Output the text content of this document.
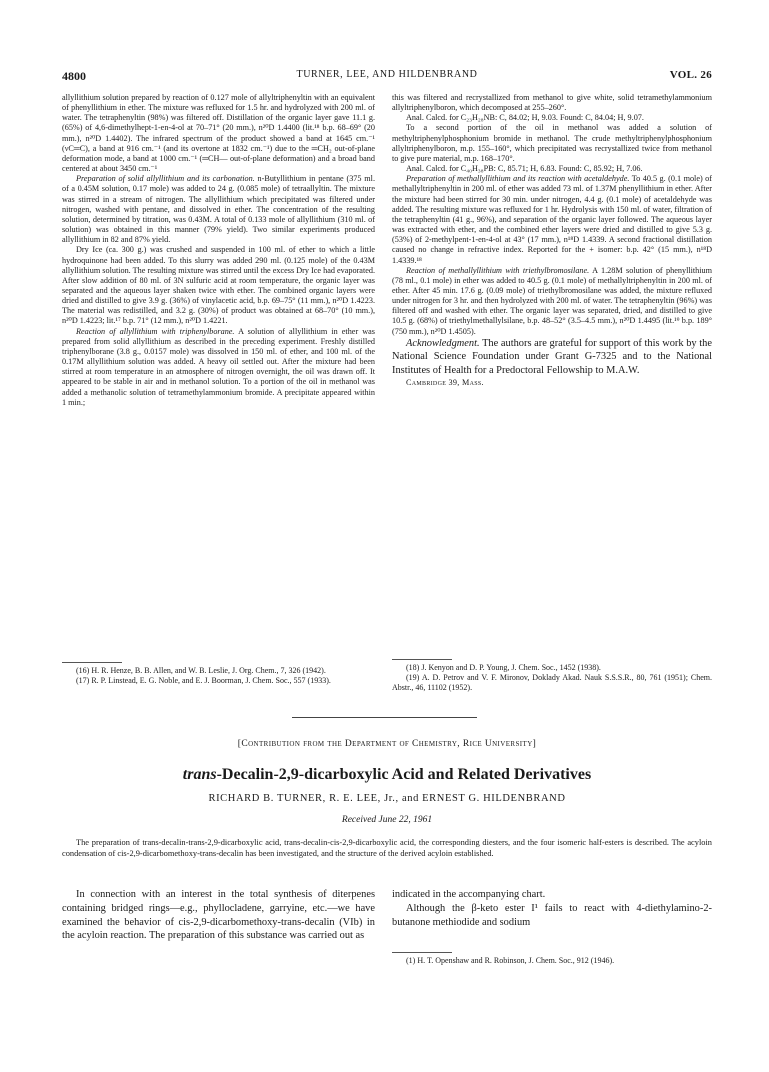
4800	TURNER, LEE, AND HILDENBRAND	VOL. 26

allyllithium solution prepared by reaction of 0.127 mole of allyltriphenyltin with an equivalent of phenyllithium in ether. The mixture was refluxed for 1.5 hr. and hydrolyzed with 200 ml. of water. The tetraphenyltin (98%) was filtered off. Distillation of the organic layer gave 11.1 g. (65%) of 4,6-dimethylhept-1-en-4-ol at 70–71° (20 mm.), n²⁰D 1.4400 (lit.¹⁸ b.p. 68–69° (20 mm.), n²⁰D 1.4402). The infrared spectrum of the product showed a band at 1645 cm.⁻¹ (νC═C), a band at 916 cm.⁻¹ (and its overtone at 1832 cm.⁻¹) due to the ═CH₂ out-of-plane deformation mode, a band at 1000 cm.⁻¹ (═CH— out-of-plane deformation) and a broad band centered at about 3450 cm.⁻¹

Preparation of solid allyllithium and its carbonation. n-Butyllithium in pentane (375 ml. of a 0.45M solution, 0.17 mole) was added to 24 g. (0.085 mole) of tetraallyltin. The mixture was stirred in a stream of nitrogen. The allyllithium which precipitated was filtered under nitrogen, washed with pentane, and dissolved in ether. The concentration of the resulting solution, determined by titration, was 0.43M. A total of 0.133 mole of allyllithium (310 ml. of solution) was obtained in this manner (79% yield). Two similar experiments produced allyllithium in 82 and 87% yield.

Dry Ice (ca. 300 g.) was crushed and suspended in 100 ml. of ether to which a little hydroquinone had been added. To this slurry was added 290 ml. (0.125 mole) of the 0.43M allyllithium solution. The resulting mixture was stirred until the excess Dry Ice had evaporated. After slow addition of 80 ml. of 3N sulfuric acid at room temperature, the organic layer was separated and the aqueous layer shaken twice with ether. The combined organic layers were dried and distilled to give 3.9 g. (36%) of vinylacetic acid, b.p. 69–75° (11 mm.), n²⁰D 1.4223. The material was redistilled, and 3.2 g. (30%) of product was obtained at 68–70° (10 mm.), n²⁰D 1.4223; lit.¹⁷ b.p. 71° (12 mm.), n²⁰D 1.4221.

Reaction of allyllithium with triphenylborane. A solution of allyllithium in ether was prepared from solid allyllithium as described in the preceding experiment. Freshly distilled triphenylborane (3.8 g., 0.0157 mole) was dissolved in 150 ml. of ether, and 100 ml. of the 0.17M allyllithium solution was added. A heavy oil settled out. After the mixture had been stirred at room temperature in an atmosphere of nitrogen overnight, the oil was drawn off. It appeared to be stable in air and in methanol solution. To a portion of the oil in methanol was added a methanolic solution of tetramethylammonium bromide. A precipitate appeared within 1 min.;

(16) H. R. Henze, B. B. Allen, and W. B. Leslie, J. Org. Chem., 7, 326 (1942).

(17) R. P. Linstead, E. G. Noble, and E. J. Boorman, J. Chem. Soc., 557 (1933).

this was filtered and recrystallized from methanol to give white, solid tetramethylammonium allyltriphenylboron, which decomposed at 255–260°.

Anal. Calcd. for C₂₃H₂₈NB: C, 84.02; H, 9.03. Found: C, 84.04; H, 9.07.

To a second portion of the oil in methanol was added a solution of methyltriphenylphosphonium bromide in methanol. The crude methyltriphenylphosphonium allyltriphenylboron, m.p. 155–160°, which precipitated was recrystallized twice from methanol to give pure material, m.p. 168–170°.

Anal. Calcd. for C₄₀H₃₈PB: C, 85.71; H, 6.83. Found: C, 85.92; H, 7.06.

Preparation of methallyllithium and its reaction with acetaldehyde. To 40.5 g. (0.1 mole) of methallyltriphenyltin in 200 ml. of ether was added 73 ml. of 1.37M phenyllithium in ether. After the mixture had been stirred for 30 min. under nitrogen, 4.4 g. (0.1 mole) of acetaldehyde was added. The resulting mixture was refluxed for 1 hr. Hydrolysis with 150 ml. of water, filtration of the tetraphenyltin (41 g., 96%), and separation of the organic layer followed. The aqueous layer was extracted with ether, and the combined ether layers were dried and distilled to give 5.3 g. (53%) of 2-methylpent-1-en-4-ol at 43° (17 mm.), n¹⁸D 1.4339. A second fractional distillation caused no change in refractive index. Reported for the + isomer: b.p. 42° (15 mm.), n¹⁸D 1.4339.¹⁸

Reaction of methallyllithium with triethylbromosilane. A 1.28M solution of phenyllithium (78 ml., 0.1 mole) in ether was added to 40.5 g. (0.1 mole) of methallyltriphenyltin in 200 ml. of ether. After 45 min. 17.6 g. (0.09 mole) of triethylbromosilane was added, the mixture refluxed under nitrogen for 3 hr. and then hydrolyzed with 200 ml. of water. The tetraphenyltin (96%) was filtered off and washed with ether. The organic layer was separated, dried, and distilled to give 10.5 g. (68%) of triethylmethallylsilane, b.p. 48–52° (3.5–4.5 mm.), n²⁰D 1.4495 (lit.¹⁹ b.p. 189° (750 mm.), n²⁰D 1.4505).

Acknowledgment. The authors are grateful for support of this work by the National Science Foundation under Grant G-7325 and to the National Institutes of Health for a Predoctoral Fellowship to M.A.W.

Cambridge 39, Mass.

(18) J. Kenyon and D. P. Young, J. Chem. Soc., 1452 (1938).

(19) A. D. Petrov and V. F. Mironov, Doklady Akad. Nauk S.S.S.R., 80, 761 (1951); Chem. Abstr., 46, 11102 (1952).

[Contribution from the Department of Chemistry, Rice University]
trans-Decalin-2,9-dicarboxylic Acid and Related Derivatives
RICHARD B. TURNER, R. E. LEE, Jr., and ERNEST G. HILDENBRAND
Received June 22, 1961

The preparation of trans-decalin-trans-2,9-dicarboxylic acid, trans-decalin-cis-2,9-dicarboxylic acid, the corresponding diesters, and the four isomeric half-esters is described. The acyloin condensation of cis-2,9-dicarbomethoxy-trans-decalin has been investigated, and the structure of the derived acyloin established.

In connection with an interest in the total synthesis of diterpenes containing bridged rings—e.g., phyllocladene, garryine, etc.—we have examined the behavior of cis-2,9-dicarbomethoxy-trans-decalin (VIb) in the acyloin reaction. The preparation of this substance was carried out as

indicated in the accompanying chart.

Although the β-keto ester I¹ fails to react with 4-diethylamino-2-butanone methiodide and sodium

(1) H. T. Openshaw and R. Robinson, J. Chem. Soc., 912 (1946).
